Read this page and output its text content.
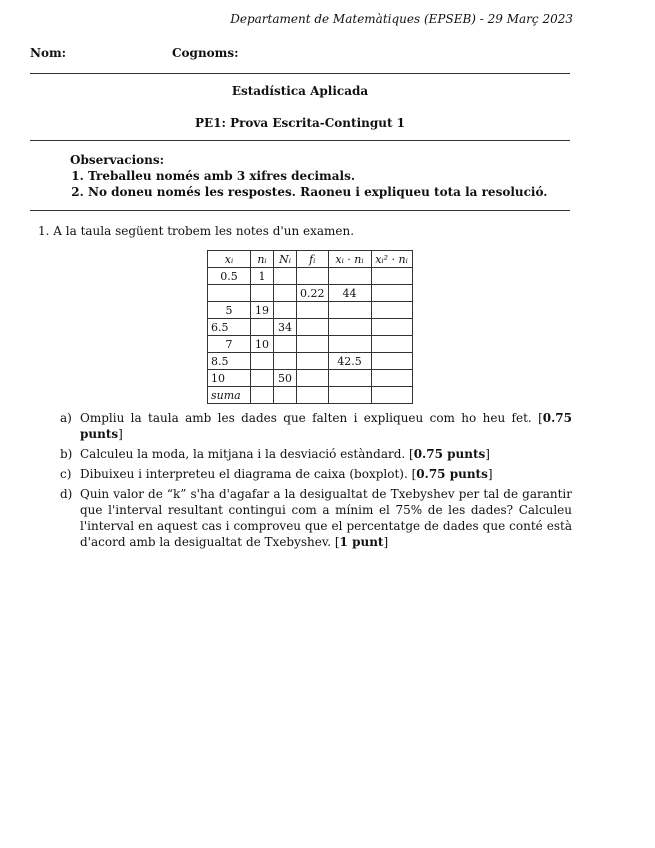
Departament de Matemàtiques (EPSEB) - 29 Març 2023
Nom:	Cognoms:
Estadística Aplicada
PE1: Prova Escrita-Contingut 1
Observacions:
1. Treballeu només amb 3 xifres decimals.
2. No doneu només les respostes. Raoneu i expliqueu tota la resolució.
1. A la taula següent trobem les notes d'un examen.
xᵢ	nᵢ	Nᵢ	fᵢ	xᵢ · nᵢ	xᵢ² · nᵢ
0.5	1				
			0.22	44	
5	19				
6.5		34			
7	10				
8.5				42.5	
10		50			
suma					
a) Ompliu la taula amb les dades que falten i expliqueu com ho heu fet. [0.75 punts]
b) Calculeu la moda, la mitjana i la desviació estàndard. [0.75 punts]
c) Dibuixeu i interpreteu el diagrama de caixa (boxplot). [0.75 punts]
d) Quin valor de “k” s'ha d'agafar a la desigualtat de Txebyshev per tal de garantir que l'interval resultant contingui com a mínim el 75% de les dades? Calculeu l'interval en aquest cas i comproveu que el percentatge de dades que conté està d'acord amb la desigualtat de Txebyshev. [1 punt]
